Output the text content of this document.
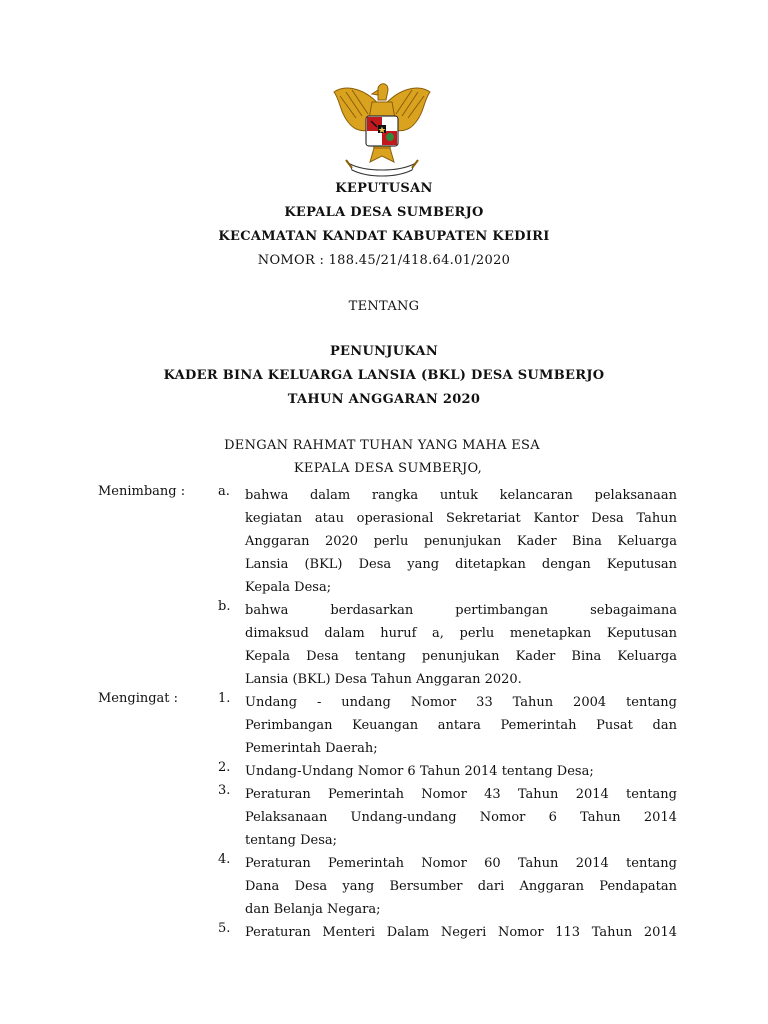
KEPUTUSAN
KEPALA DESA SUMBERJO
KECAMATAN KANDAT KABUPATEN KEDIRI
NOMOR : 188.45/21/418.64.01/2020
TENTANG
PENUNJUKAN
KADER BINA KELUARGA LANSIA (BKL) DESA SUMBERJO
TAHUN ANGGARAN 2020
DENGAN RAHMAT TUHAN YANG MAHA ESA
KEPALA DESA SUMBERJO,
Menimbang :	a.	bahwa dalam rangka untuk kelancaran pelaksanaan
kegiatan atau operasional Sekretariat Kantor Desa Tahun
Anggaran 2020 perlu penunjukan Kader Bina Keluarga
Lansia (BKL) Desa yang ditetapkan dengan Keputusan
Kepala Desa;
b.	bahwa berdasarkan pertimbangan sebagaimana
dimaksud dalam huruf a, perlu menetapkan Keputusan
Kepala Desa tentang penunjukan Kader Bina Keluarga
Lansia (BKL) Desa Tahun Anggaran 2020.
Mengingat :	1.	Undang - undang Nomor 33 Tahun 2004 tentang
Perimbangan Keuangan antara Pemerintah Pusat dan
Pemerintah Daerah;
2.	Undang-Undang Nomor 6 Tahun 2014 tentang Desa;
3.	Peraturan Pemerintah Nomor 43 Tahun 2014 tentang
Pelaksanaan Undang-undang Nomor 6 Tahun 2014
tentang Desa;
4.	Peraturan Pemerintah Nomor 60 Tahun 2014 tentang
Dana Desa yang Bersumber dari Anggaran Pendapatan
dan Belanja Negara;
5.	Peraturan Menteri Dalam Negeri Nomor 113 Tahun 2014
